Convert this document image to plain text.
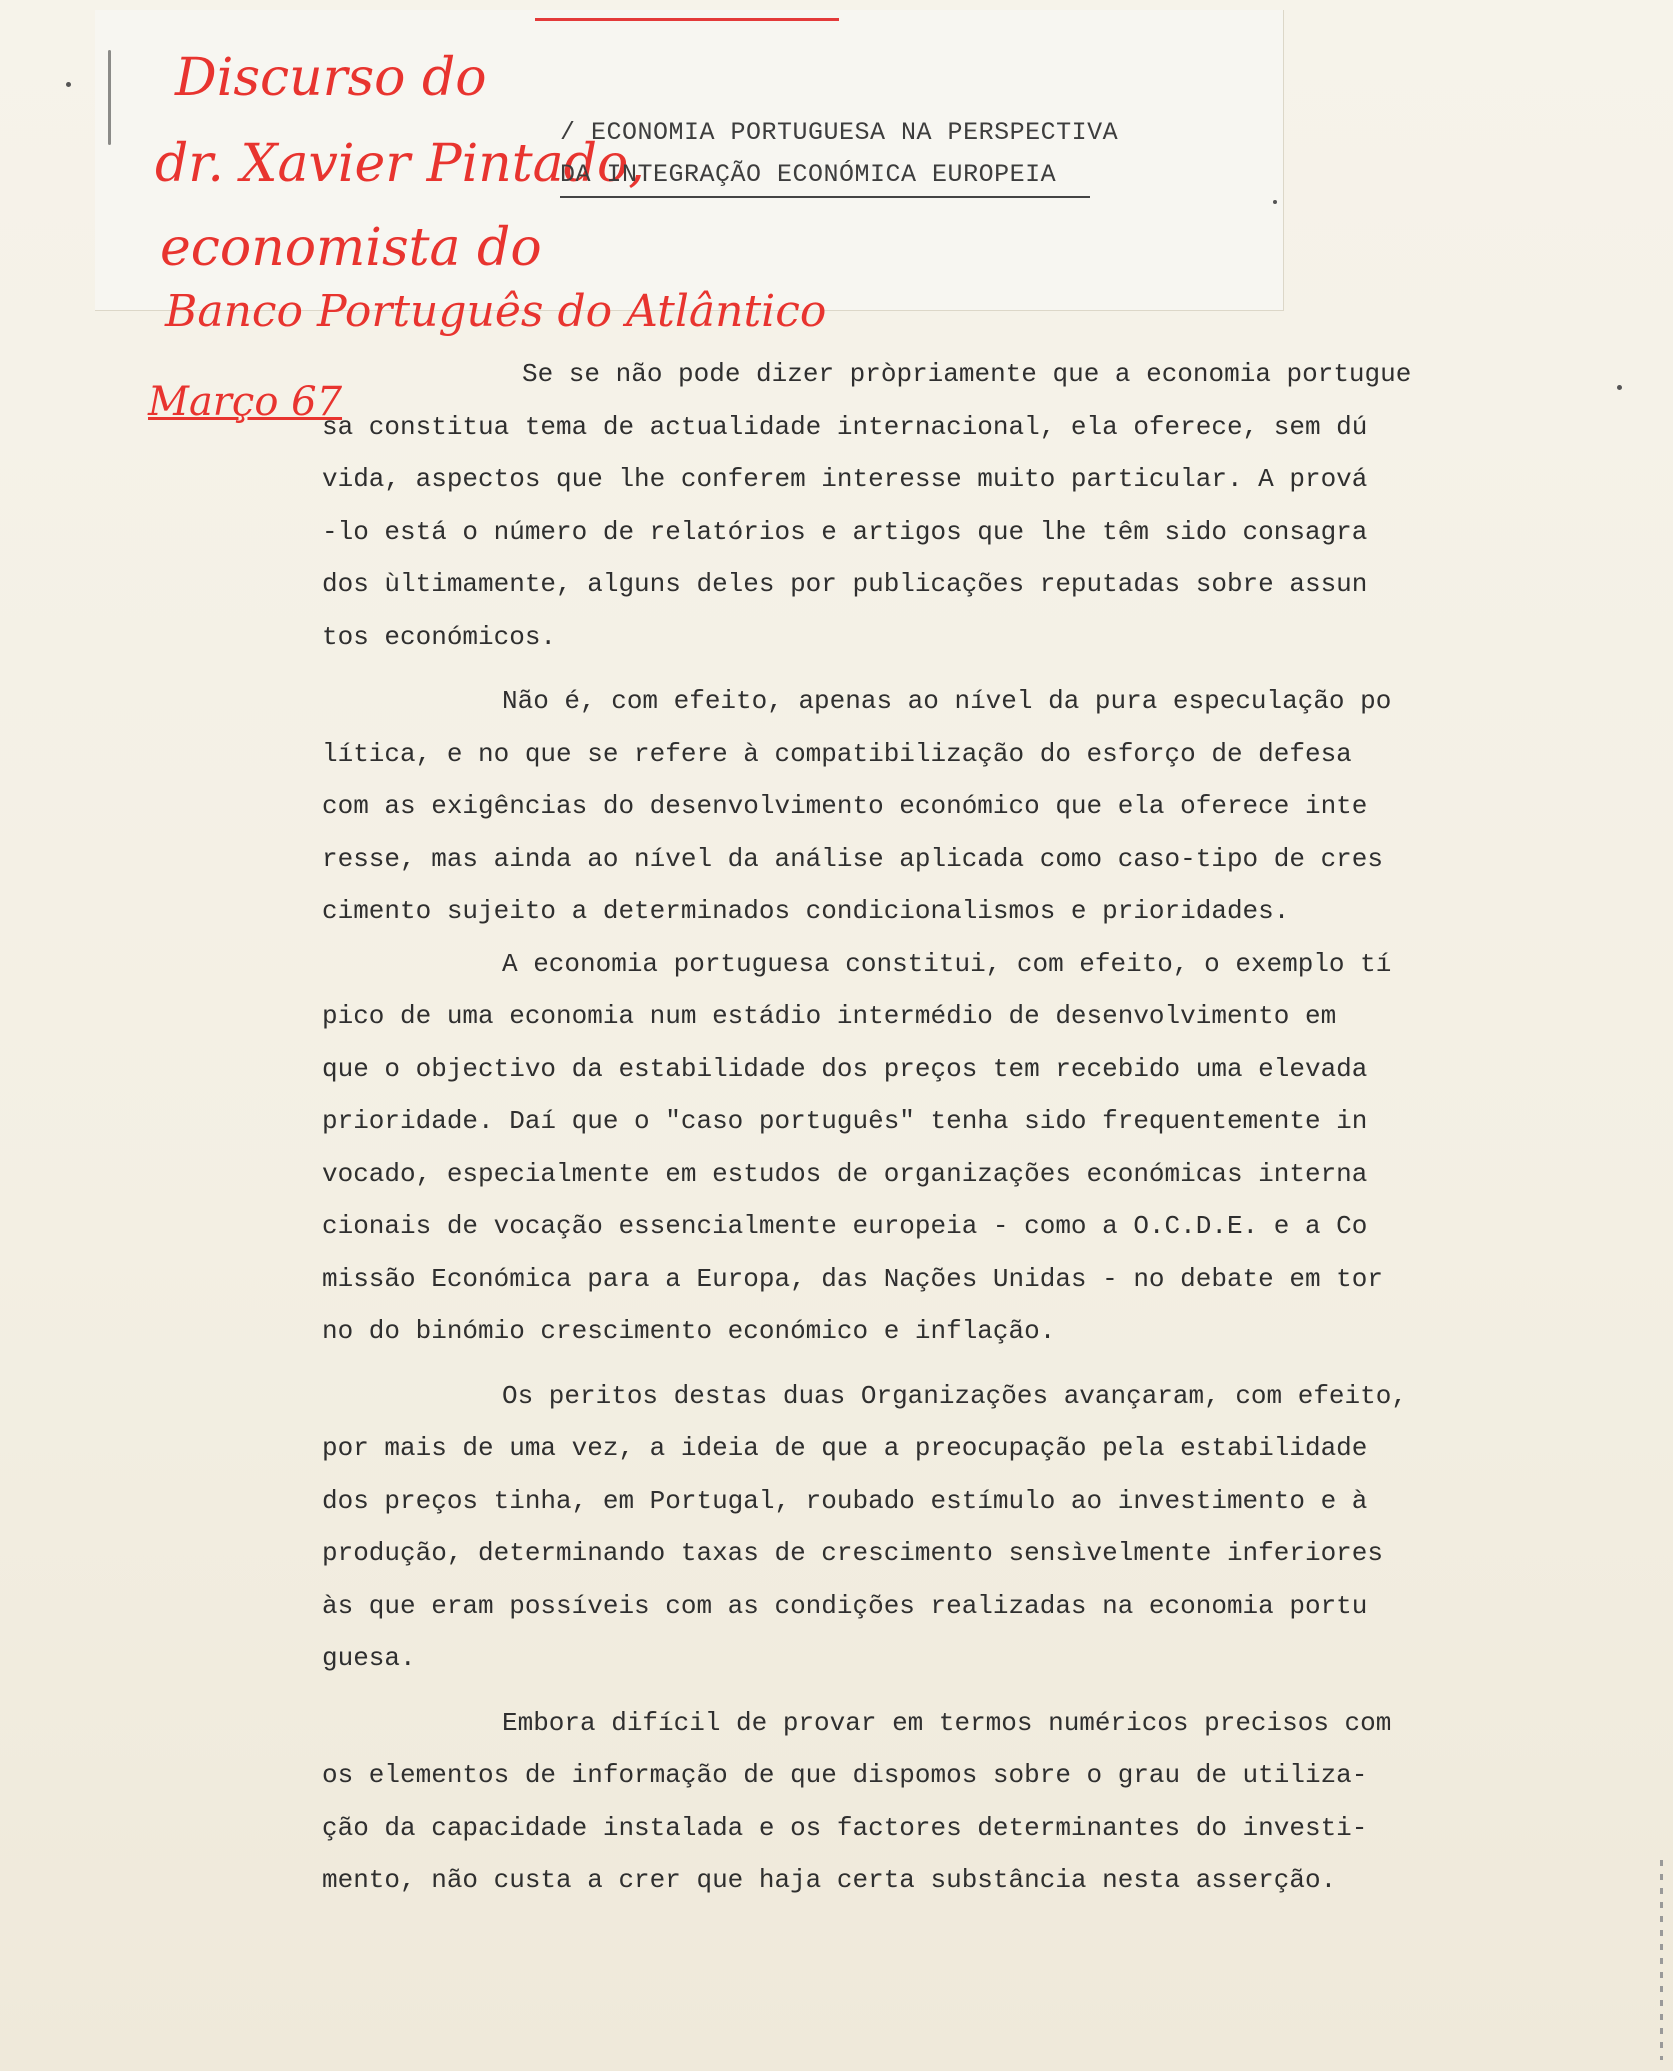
Discurso do
dr. Xavier Pintado,
economista do
Banco Português do Atlântico
Março 67
/ ECONOMIA PORTUGUESA NA PERSPECTIVA
DA INTEGRAÇÃO ECONÓMICA EUROPEIA
Se se não pode dizer pròpriamente que a economia portugue
sa constitua tema de actualidade internacional, ela oferece, sem dú
vida, aspectos que lhe conferem interesse muito particular. A prová
-lo está o número de relatórios e artigos que lhe têm sido consagra
dos ùltimamente, alguns deles por publicações reputadas sobre assun
tos económicos.
Não é, com efeito, apenas ao nível da pura especulação po
lítica, e no que se refere à compatibilização do esforço de defesa
com as exigências do desenvolvimento económico que ela oferece inte
resse, mas ainda ao nível da análise aplicada como caso-tipo de cres
cimento sujeito a determinados condicionalismos e prioridades.
A economia portuguesa constitui, com efeito, o exemplo tí
pico de uma economia num estádio intermédio de desenvolvimento em
que o objectivo da estabilidade dos preços tem recebido uma elevada
prioridade. Daí que o "caso português" tenha sido frequentemente in
vocado, especialmente em estudos de organizações económicas interna
cionais de vocação essencialmente europeia - como a O.C.D.E. e a Co
missão Económica para a Europa, das Nações Unidas - no debate em tor
no do binómio crescimento económico e inflação.
Os peritos destas duas Organizações avançaram, com efeito,
por mais de uma vez, a ideia de que a preocupação pela estabilidade
dos preços tinha, em Portugal, roubado estímulo ao investimento e à
produção, determinando taxas de crescimento sensìvelmente inferiores
às que eram possíveis com as condições realizadas na economia portu
guesa.
Embora difícil de provar em termos numéricos precisos com
os elementos de informação de que dispomos sobre o grau de utiliza-
ção da capacidade instalada e os factores determinantes do investi-
mento, não custa a crer que haja certa substância nesta asserção.
